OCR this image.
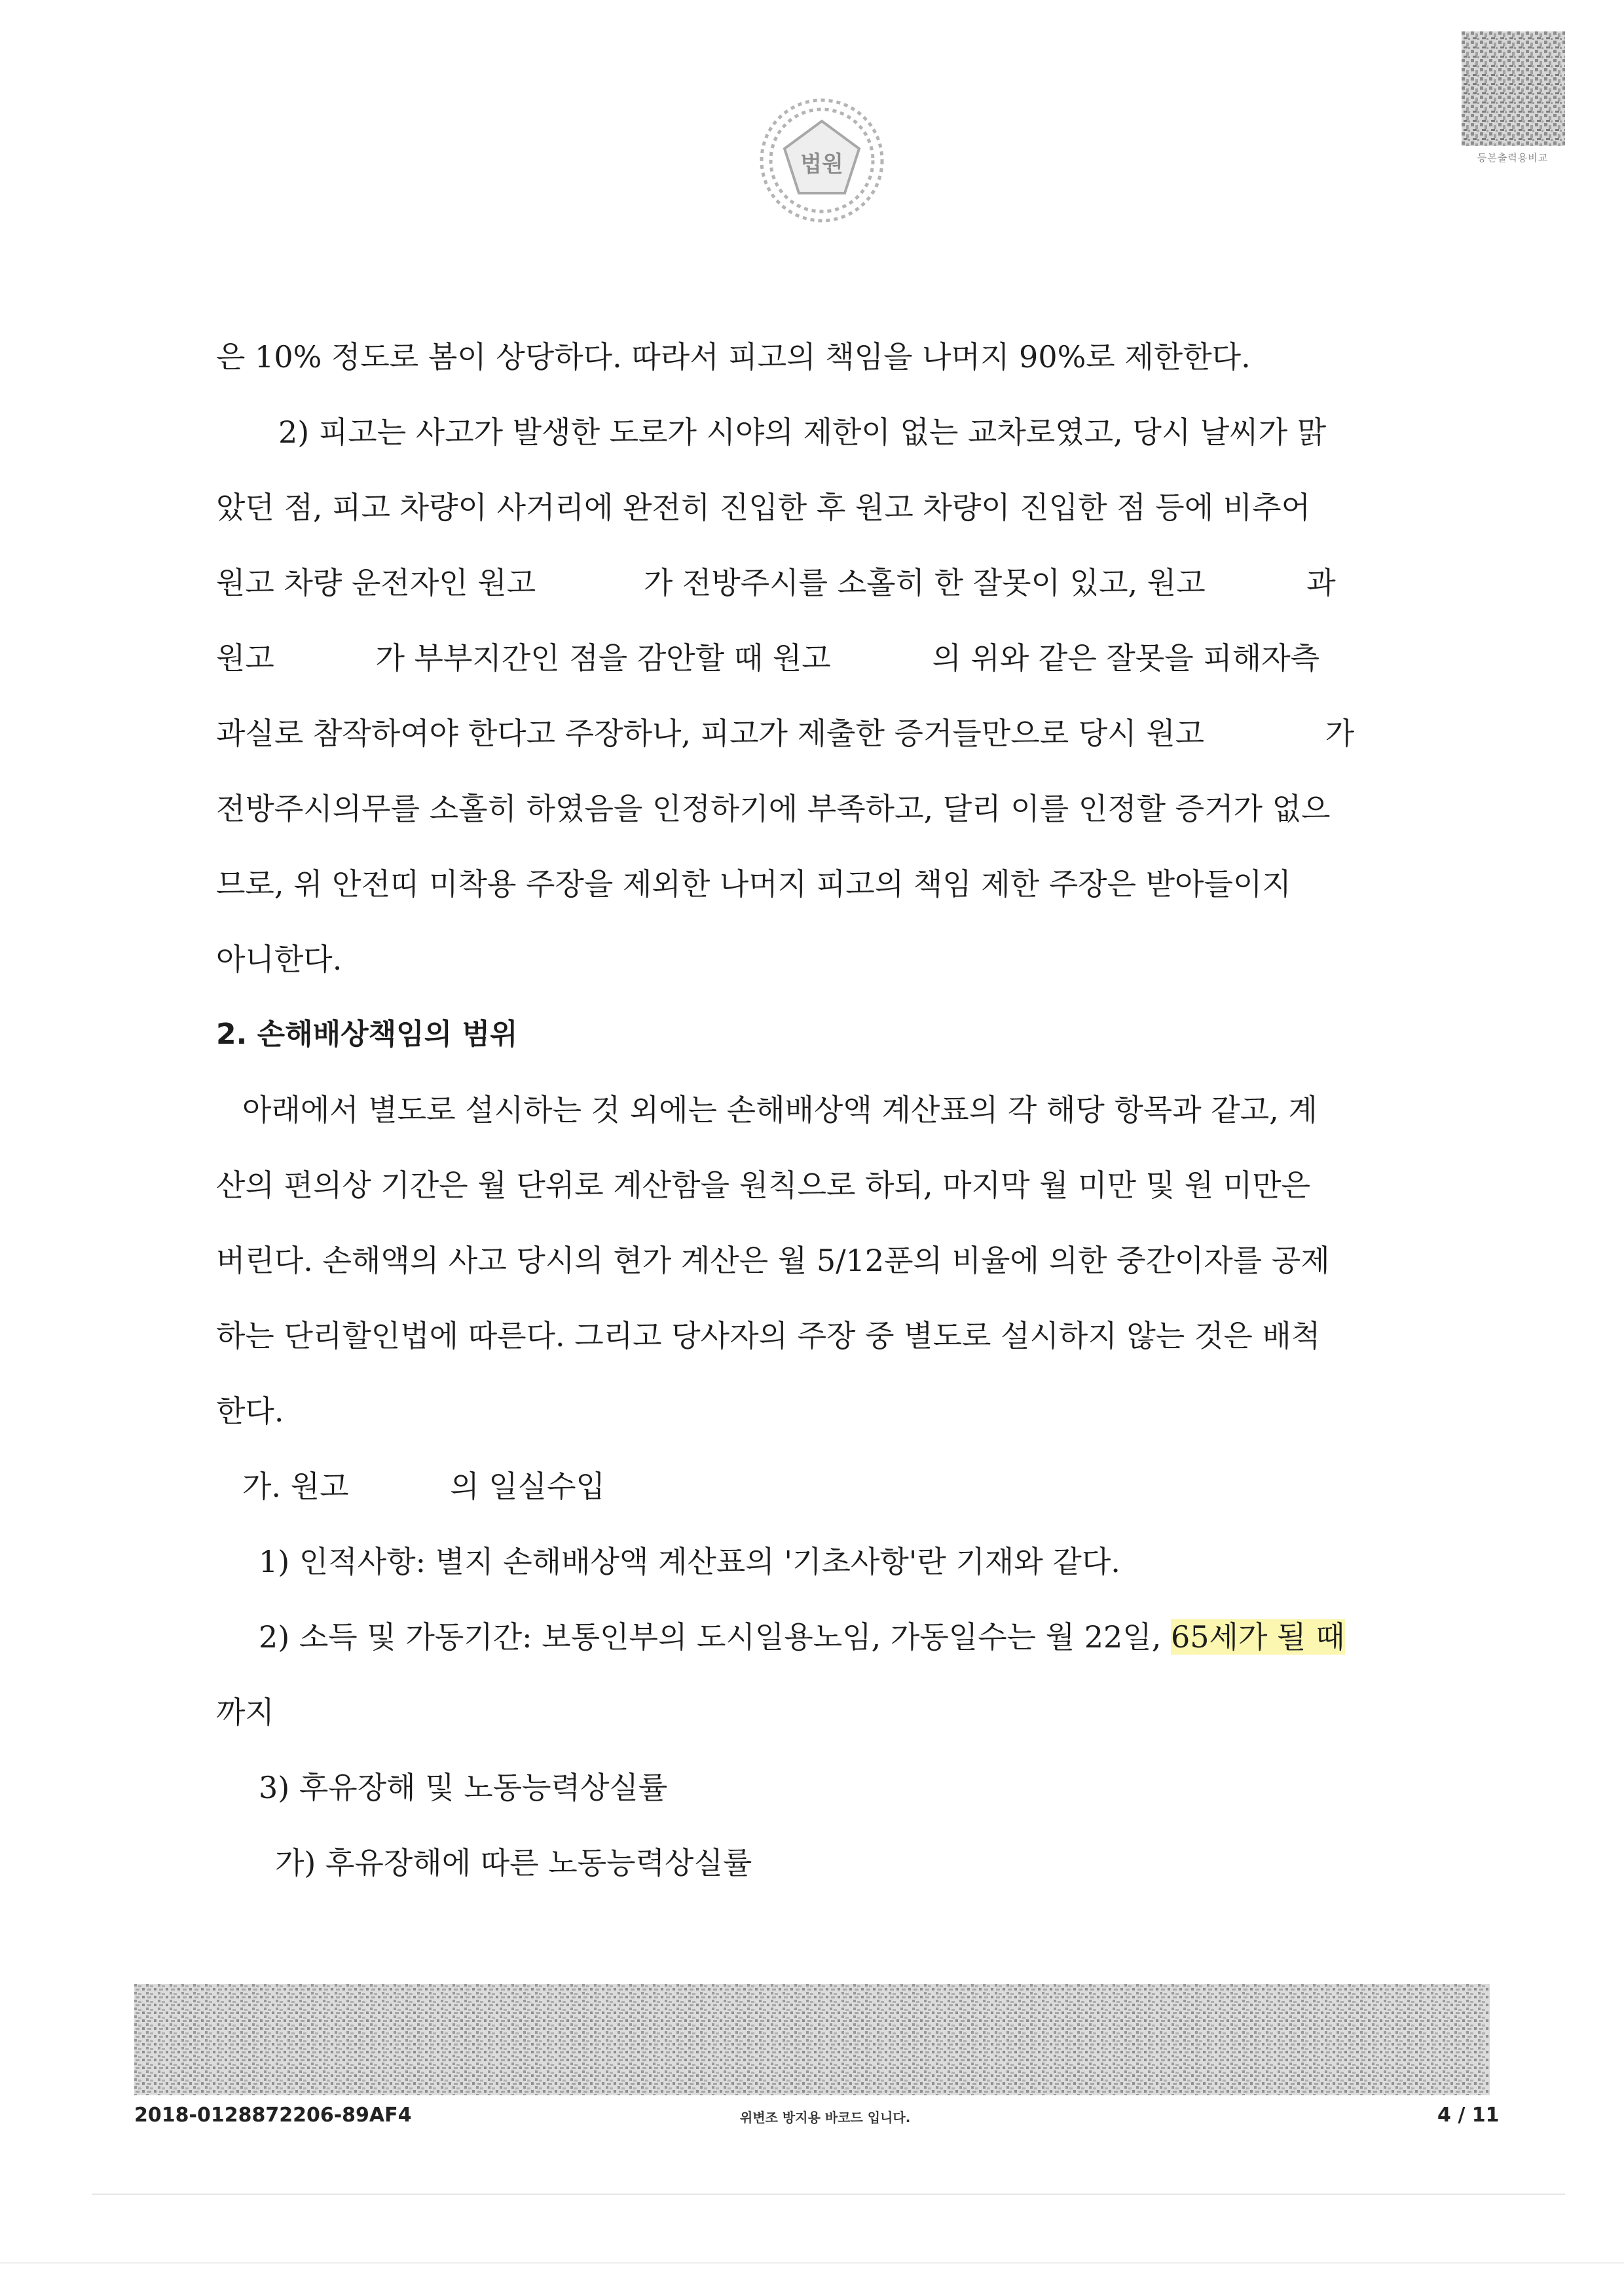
법원	등본출력용비교
은 10% 정도로 봄이 상당하다. 따라서 피고의 책임을 나머지 90%로 제한한다.
2) 피고는 사고가 발생한 도로가 시야의 제한이 없는 교차로였고, 당시 날씨가 맑
았던 점, 피고 차량이 사거리에 완전히 진입한 후 원고 차량이 진입한 점 등에 비추어
원고 차량 운전자인 원고	가 전방주시를 소홀히 한 잘못이 있고, 원고	과
원고	가 부부지간인 점을 감안할 때 원고	의 위와 같은 잘못을 피해자측
과실로 참작하여야 한다고 주장하나, 피고가 제출한 증거들만으로 당시 원고	가
전방주시의무를 소홀히 하였음을 인정하기에 부족하고, 달리 이를 인정할 증거가 없으
므로, 위 안전띠 미착용 주장을 제외한 나머지 피고의 책임 제한 주장은 받아들이지
아니한다.
2. 손해배상책임의 범위
아래에서 별도로 설시하는 것 외에는 손해배상액 계산표의 각 해당 항목과 같고, 계
산의 편의상 기간은 월 단위로 계산함을 원칙으로 하되, 마지막 월 미만 및 원 미만은
버린다. 손해액의 사고 당시의 현가 계산은 월 5/12푼의 비율에 의한 중간이자를 공제
하는 단리할인법에 따른다. 그리고 당사자의 주장 중 별도로 설시하지 않는 것은 배척
한다.
가. 원고	의 일실수입
1) 인적사항: 별지 손해배상액 계산표의 '기초사항'란 기재와 같다.
2) 소득 및 가동기간: 보통인부의 도시일용노임, 가동일수는 월 22일, 65세가 될 때
까지
3) 후유장해 및 노동능력상실률
가) 후유장해에 따른 노동능력상실률
2018-0128872206-89AF4	위변조 방지용 바코드 입니다.	4 / 11
